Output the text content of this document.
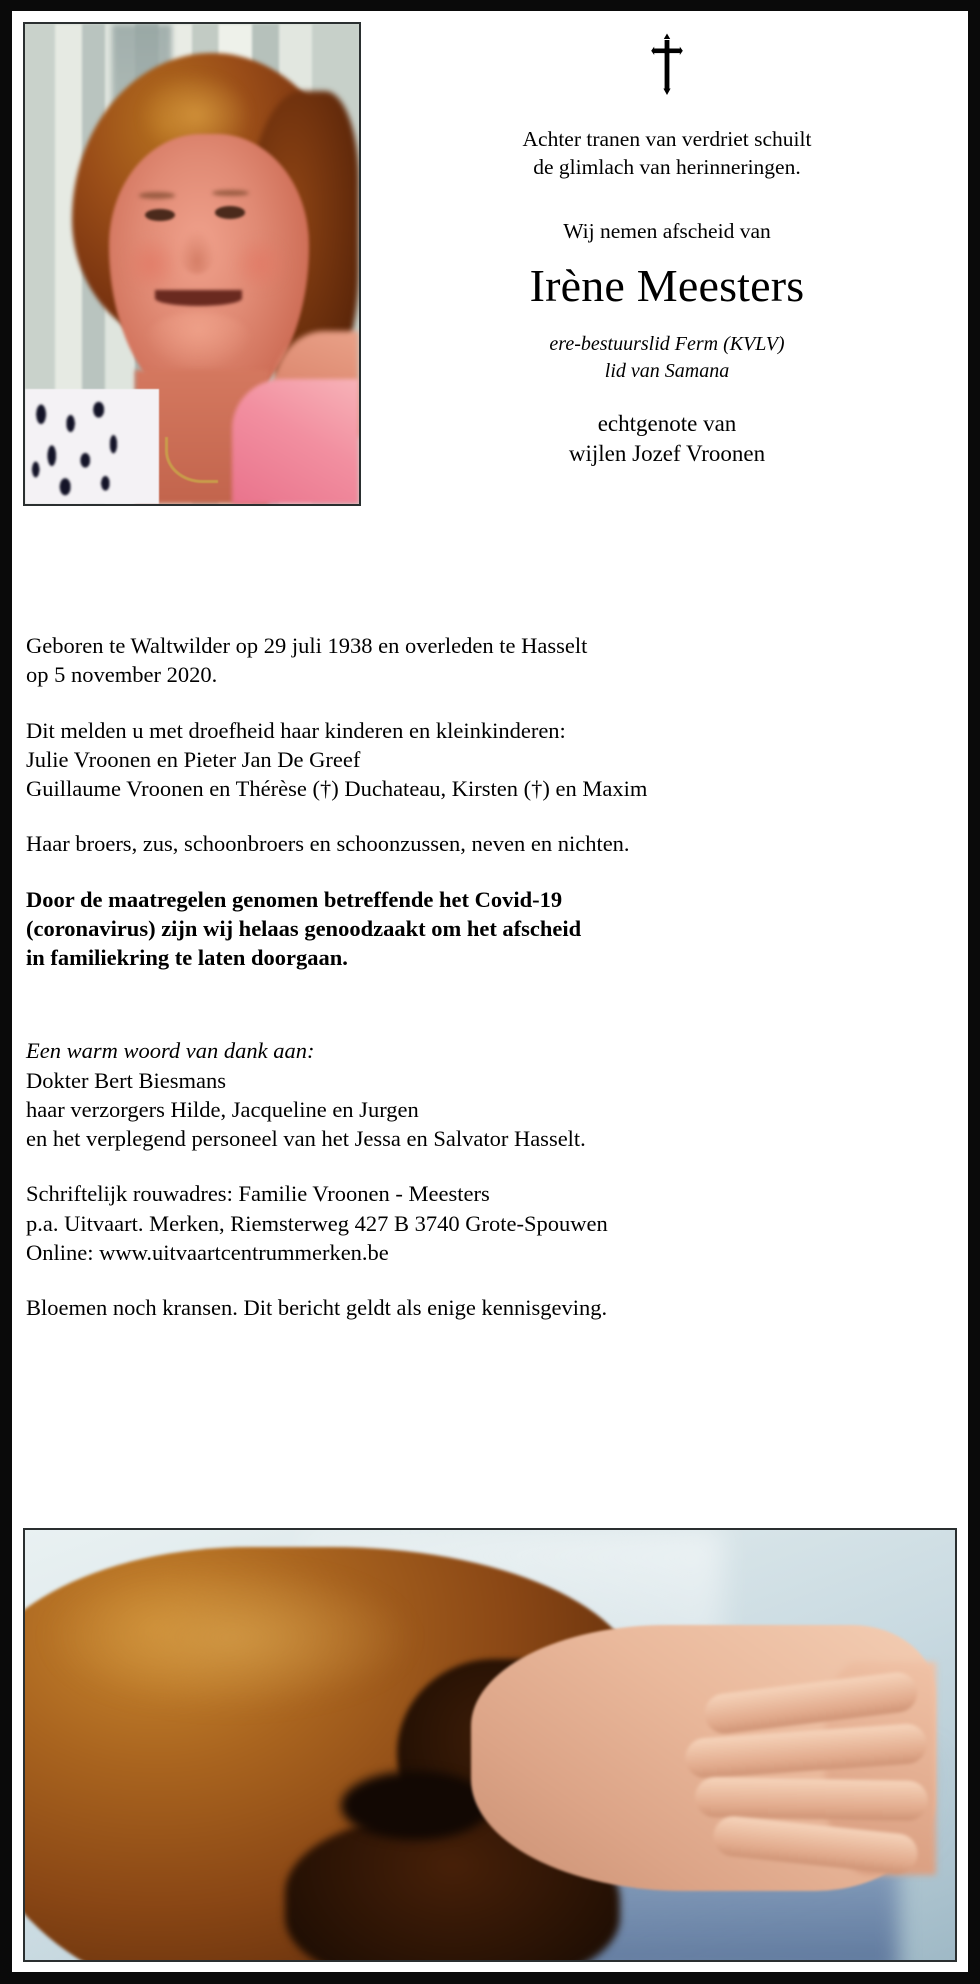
Achter tranen van verdriet schuilt
de glimlach van herinneringen.
Wij nemen afscheid van
Irène Meesters
ere-bestuurslid Ferm (KVLV)
lid van Samana
echtgenote van
wijlen Jozef Vroonen

Geboren te Waltwilder op 29 juli 1938 en overleden te Hasselt
op 5 november 2020.

Dit melden u met droefheid haar kinderen en kleinkinderen:
Julie Vroonen en Pieter Jan De Greef
Guillaume Vroonen en Thérèse (†) Duchateau, Kirsten (†) en Maxim

Haar broers, zus, schoonbroers en schoonzussen, neven en nichten.

Door de maatregelen genomen betreffende het Covid-19
(coronavirus) zijn wij helaas genoodzaakt om het afscheid
in familiekring te laten doorgaan.

Een warm woord van dank aan:

Dokter Bert Biesmans
haar verzorgers Hilde, Jacqueline en Jurgen
en het verplegend personeel van het Jessa en Salvator Hasselt.

Schriftelijk rouwadres: Familie Vroonen - Meesters
p.a. Uitvaart. Merken, Riemsterweg 427 B 3740 Grote-Spouwen
Online: www.uitvaartcentrummerken.be

Bloemen noch kransen. Dit bericht geldt als enige kennisgeving.
